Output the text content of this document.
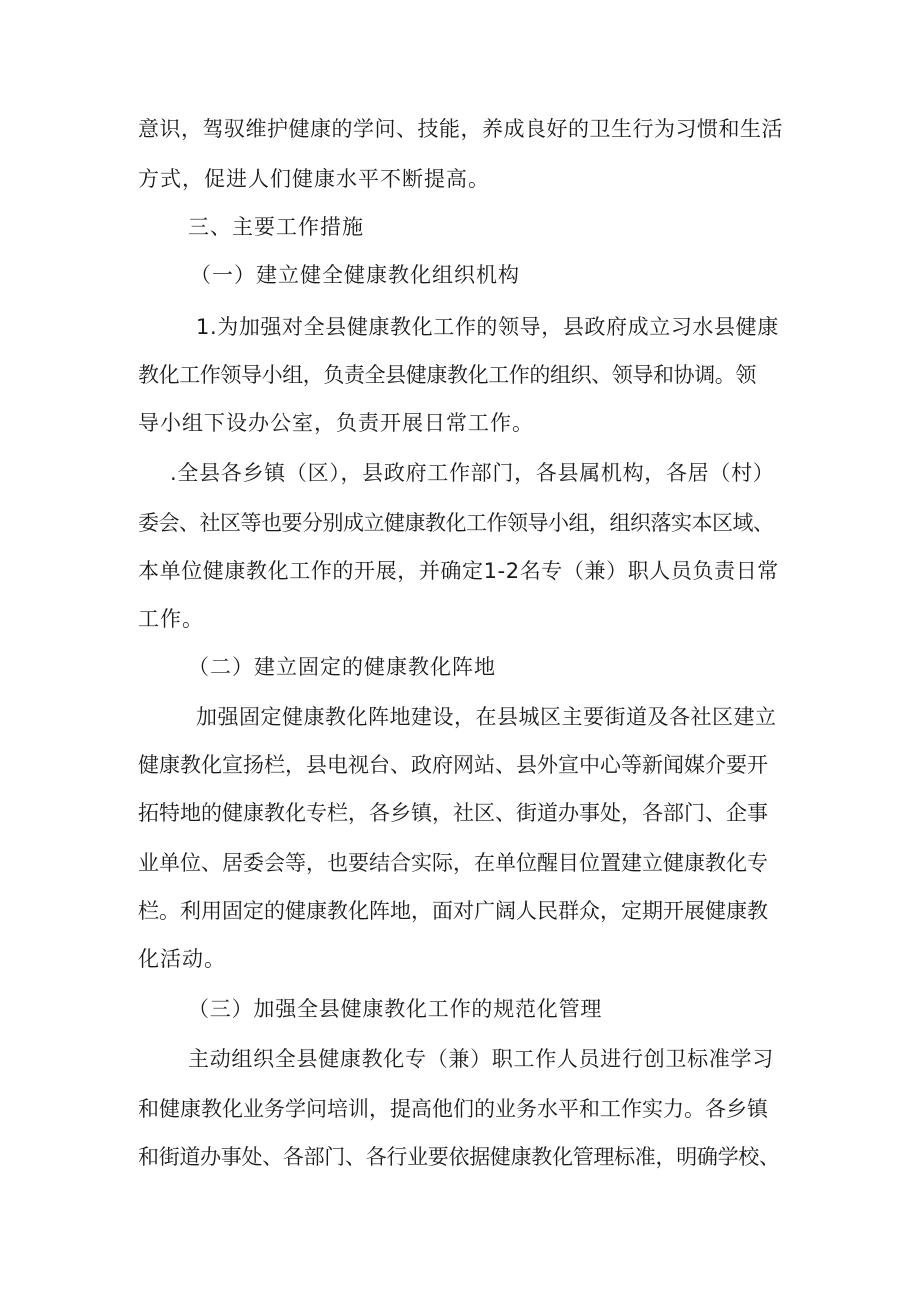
意识，驾驭维护健康的学问、技能，养成良好的卫生行为习惯和生活
方式，促进人们健康水平不断提高。
三、主要工作措施
（一）建立健全健康教化组织机构
1.为加强对全县健康教化工作的领导，县政府成立习水县健康
教化工作领导小组，负责全县健康教化工作的组织、领导和协调。领
导小组下设办公室，负责开展日常工作。
.全县各乡镇（区），县政府工作部门，各县属机构，各居（村）
委会、社区等也要分别成立健康教化工作领导小组，组织落实本区域、
本单位健康教化工作的开展，并确定1-2名专（兼）职人员负责日常
工作。
（二）建立固定的健康教化阵地
加强固定健康教化阵地建设，在县城区主要街道及各社区建立
健康教化宣扬栏，县电视台、政府网站、县外宣中心等新闻媒介要开
拓特地的健康教化专栏，各乡镇，社区、街道办事处，各部门、企事
业单位、居委会等，也要结合实际，在单位醒目位置建立健康教化专
栏。利用固定的健康教化阵地，面对广阔人民群众，定期开展健康教
化活动。
（三）加强全县健康教化工作的规范化管理
主动组织全县健康教化专（兼）职工作人员进行创卫标准学习
和健康教化业务学问培训，提高他们的业务水平和工作实力。各乡镇
和街道办事处、各部门、各行业要依据健康教化管理标准，明确学校、
